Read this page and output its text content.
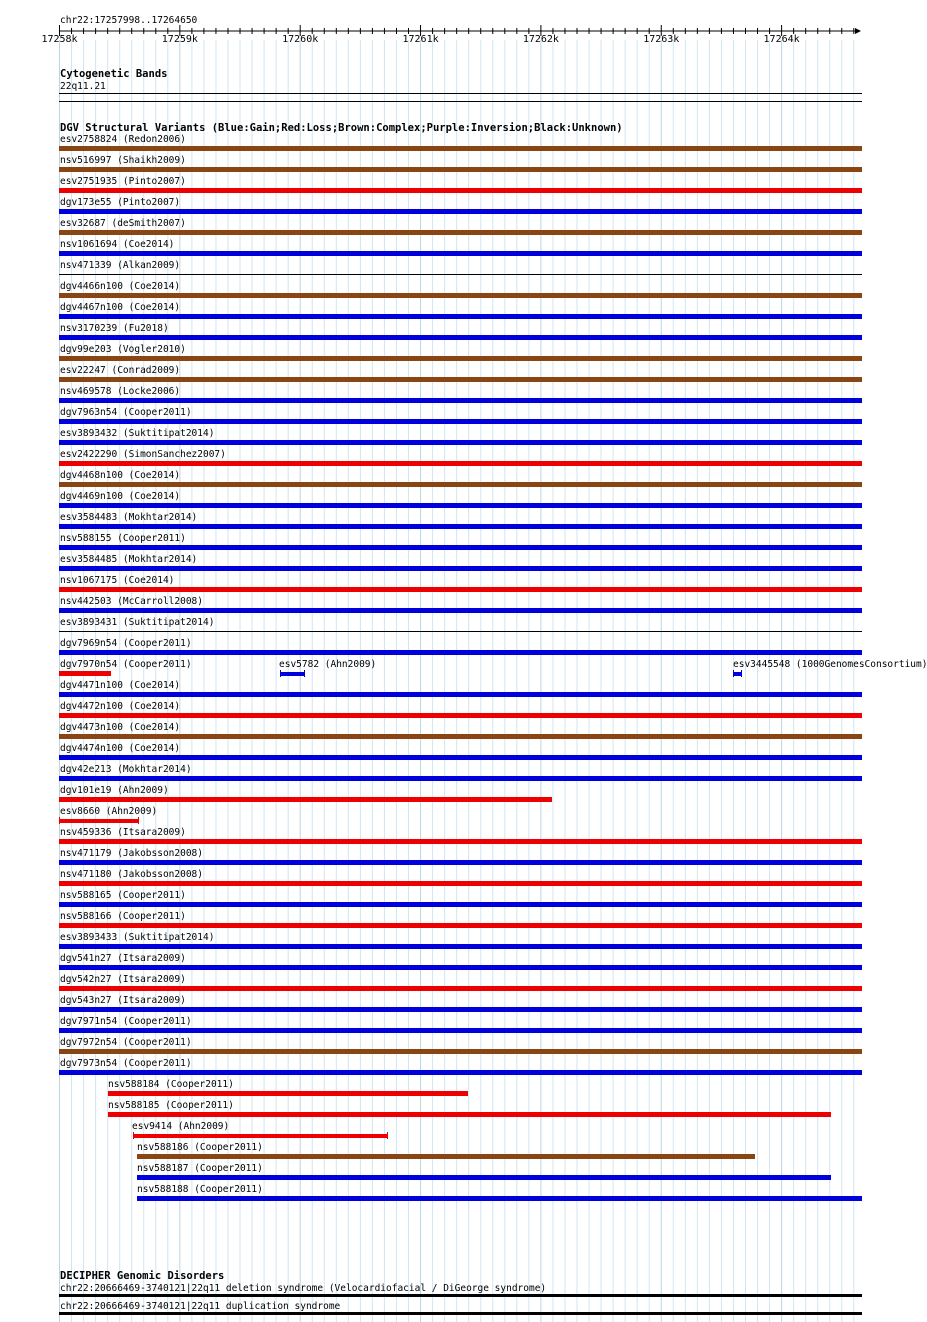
chr22:17257998..17264650
17258k	17259k	17260k	17261k	17262k	17263k	17264k
Cytogenetic Bands
22q11.21
DGV Structural Variants (Blue:Gain;Red:Loss;Brown:Complex;Purple:Inversion;Black:Unknown)
esv2758824 (Redon2006)
nsv516997 (Shaikh2009)
esv2751935 (Pinto2007)
dgv173e55 (Pinto2007)
esv32687 (deSmith2007)
nsv1061694 (Coe2014)
nsv471339 (Alkan2009)
dgv4466n100 (Coe2014)
dgv4467n100 (Coe2014)
nsv3170239 (Fu2018)
dgv99e203 (Vogler2010)
esv22247 (Conrad2009)
nsv469578 (Locke2006)
dgv7963n54 (Cooper2011)
esv3893432 (Suktitipat2014)
esv2422290 (SimonSanchez2007)
dgv4468n100 (Coe2014)
dgv4469n100 (Coe2014)
esv3584483 (Mokhtar2014)
nsv588155 (Cooper2011)
esv3584485 (Mokhtar2014)
nsv1067175 (Coe2014)
nsv442503 (McCarroll2008)
esv3893431 (Suktitipat2014)
dgv7969n54 (Cooper2011)
dgv7970n54 (Cooper2011)	esv5782 (Ahn2009)	esv3445548 (1000GenomesConsortium)
dgv4471n100 (Coe2014)
dgv4472n100 (Coe2014)
dgv4473n100 (Coe2014)
dgv4474n100 (Coe2014)
dgv42e213 (Mokhtar2014)
dgv101e19 (Ahn2009)
esv8660 (Ahn2009)
nsv459336 (Itsara2009)
nsv471179 (Jakobsson2008)
nsv471180 (Jakobsson2008)
nsv588165 (Cooper2011)
nsv588166 (Cooper2011)
esv3893433 (Suktitipat2014)
dgv541n27 (Itsara2009)
dgv542n27 (Itsara2009)
dgv543n27 (Itsara2009)
dgv7971n54 (Cooper2011)
dgv7972n54 (Cooper2011)
dgv7973n54 (Cooper2011)
nsv588184 (Cooper2011)
nsv588185 (Cooper2011)
esv9414 (Ahn2009)
nsv588186 (Cooper2011)
nsv588187 (Cooper2011)
nsv588188 (Cooper2011)
DECIPHER Genomic Disorders
chr22:20666469-3740121|22q11 deletion syndrome (Velocardiofacial / DiGeorge syndrome)
chr22:20666469-3740121|22q11 duplication syndrome
